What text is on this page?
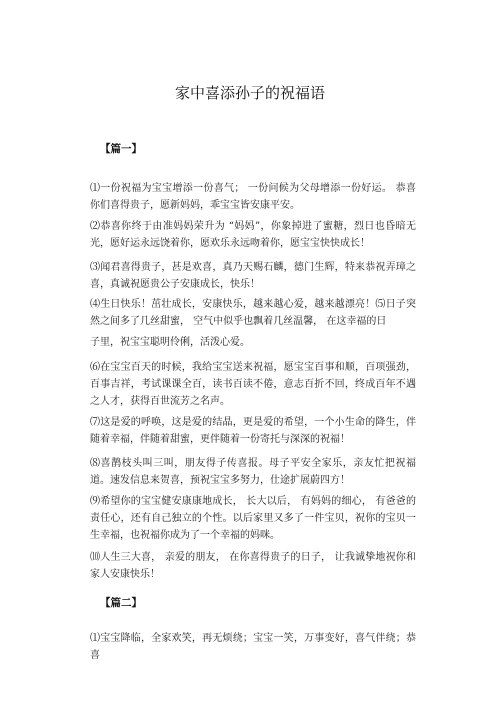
家中喜添孙子的祝福语
【篇一】

⑴一份祝福为宝宝增添一份喜气； 一份问候为父母增添一份好运。 恭喜你们喜得贵子，愿新妈妈，乖宝宝皆安康平安。

⑵恭喜你终于由准妈妈荣升为 “妈妈”，你象掉进了蜜糖，烈日也昏暗无光，愿好运永远饶着你，愿欢乐永远吻着你，愿宝宝快快成长！

⑶闻君喜得贵子，甚是欢喜，真乃天赐石麟，德门生辉，特来恭祝弄璋之喜，真诚祝愿贵公子安康成长，快乐！

⑷生日快乐！茁壮成长，安康快乐，越来越心爱，越来越漂亮！⑸日子突然之间多了几丝甜蜜， 空气中似乎也飘着几丝温馨， 在这幸福的日

子里，祝宝宝聪明伶俐，活泼心爱。

⑹在宝宝百天的时候，我给宝宝送来祝福，愿宝宝百事和顺，百项强劲，百事吉祥，考试课课全百，读书百读不倦，意志百折不回，终成百年不遇之人才，获得百世流芳之名声。

⑺这是爱的呼唤，这是爱的结晶，更是爱的希望，一个小生命的降生，伴随着幸福，伴随着甜蜜，更伴随着一份寄托与深深的祝福！

⑻喜鹊枝头叫三叫，朋友得子传喜报。母子平安全家乐，亲友忙把祝福道。速发信息来贺喜，预祝宝宝多努力，仕途扩展蔚四方！

⑼希望你的宝宝健安康康地成长， 长大以后， 有妈妈的细心， 有爸爸的责任心，还有自己独立的个性。以后家里又多了一件宝贝，祝你的宝贝一生幸福，也祝福你成为了一个幸福的妈咪。

⑽人生三大喜， 亲爱的朋友， 在你喜得贵子的日子， 让我诚挚地祝你和家人安康快乐！

【篇二】

⑴宝宝降临，全家欢笑，再无烦绕；宝宝一笑，万事变好，喜气伴绕；恭喜
